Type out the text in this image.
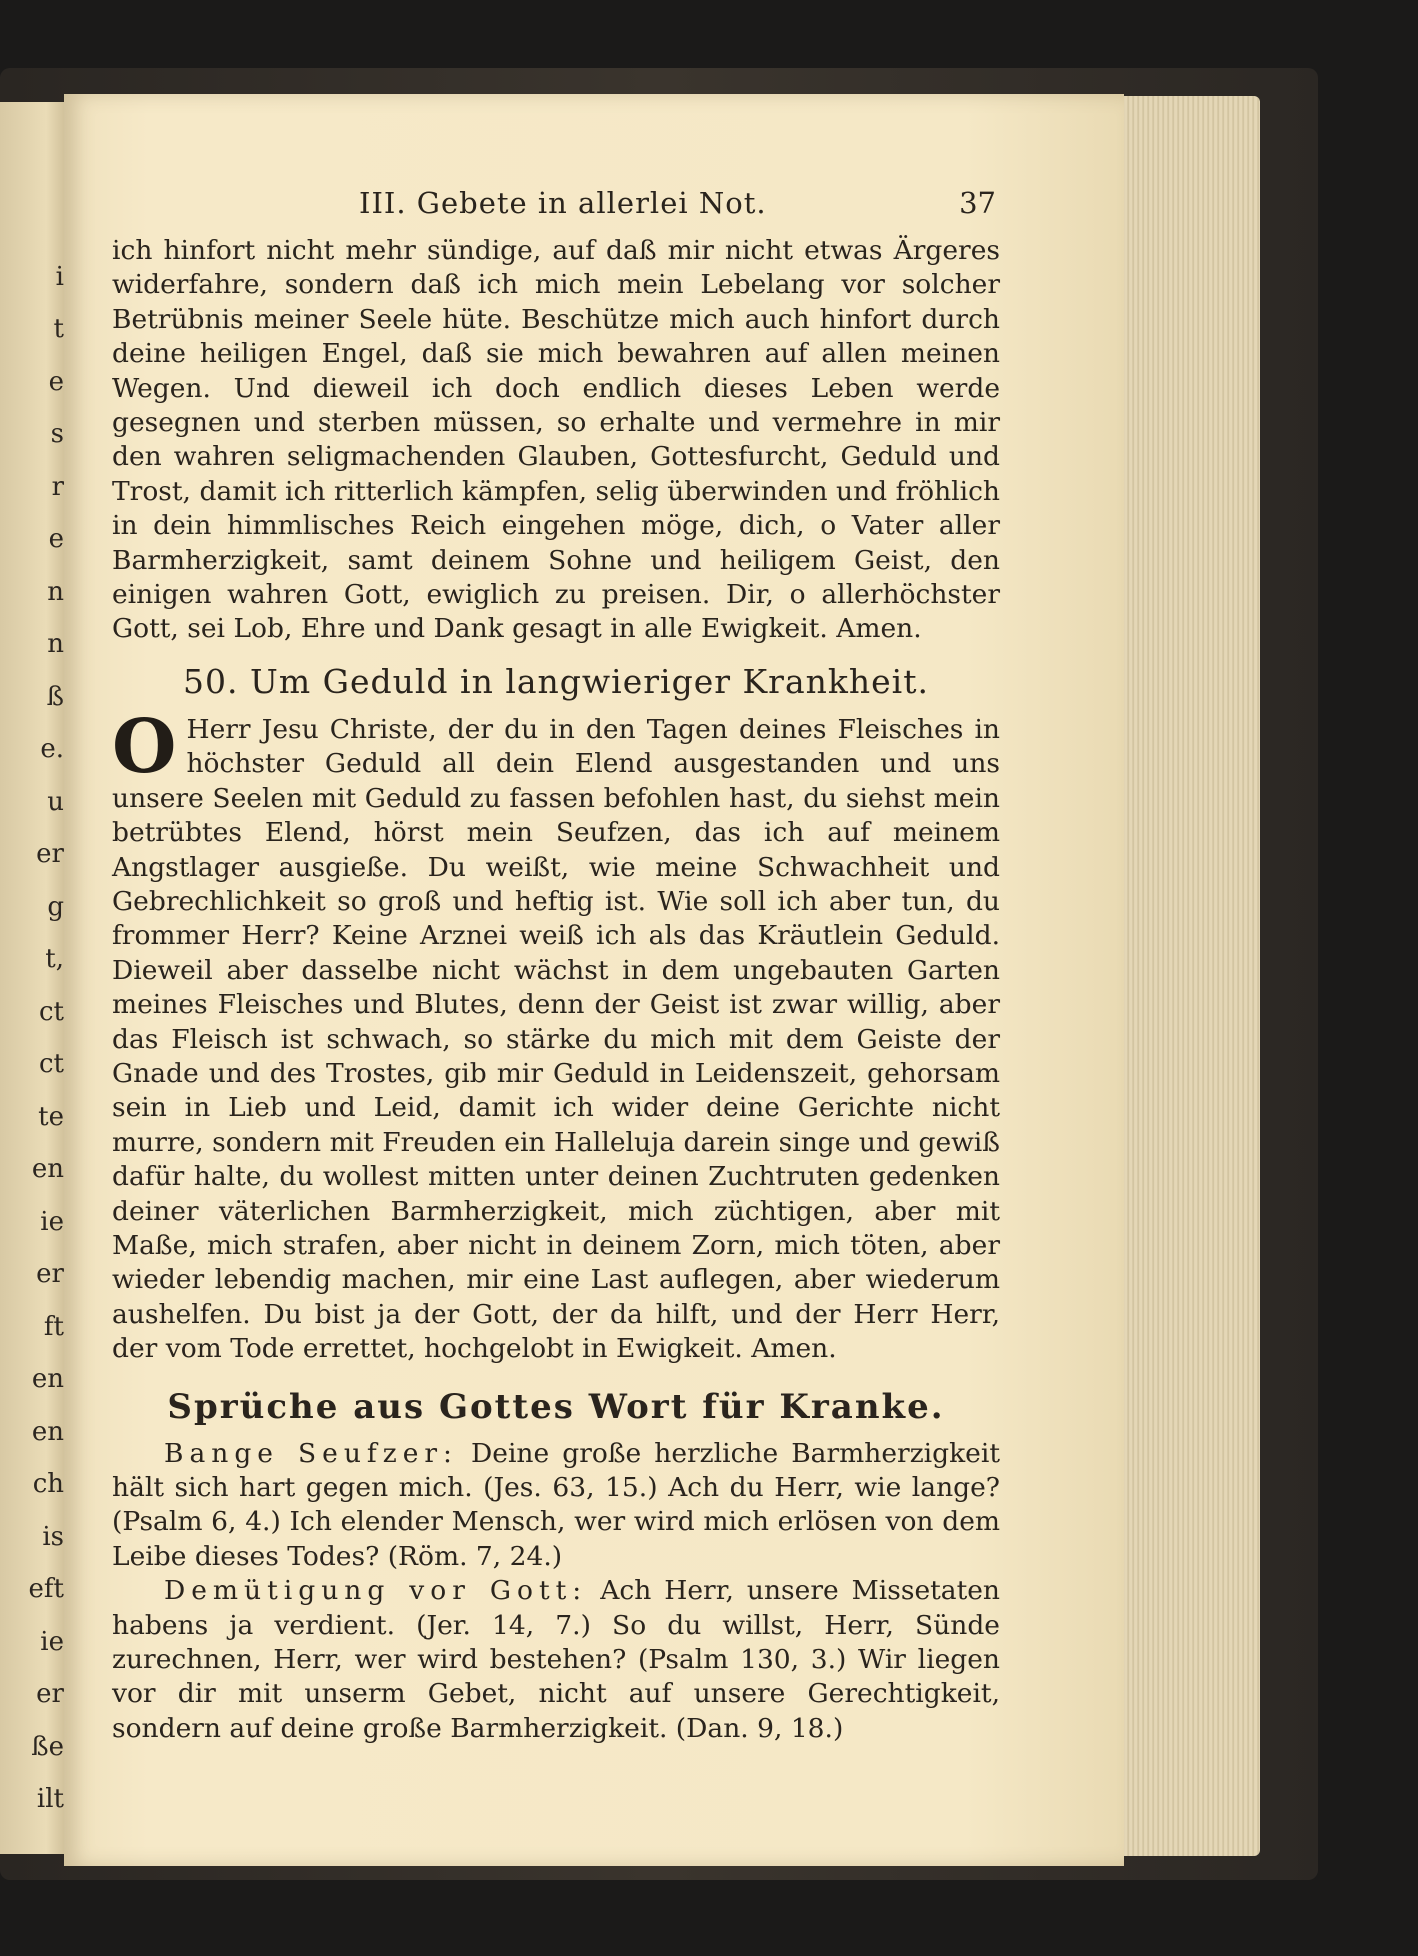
i
t
e
s
r
e
n
n
ß
e.
u
er
g
t,
ct
ct
te
en
ie
er
ft
en
en
ch
is
eft
ie
er
ße
ilt
III. Gebete in allerlei Not.	37

ich hinfort nicht mehr sündige, auf daß mir nicht etwas Ärgeres widerfahre, sondern daß ich mich mein Lebelang vor solcher Betrübnis meiner Seele hüte. Beschütze mich auch hinfort durch deine heiligen Engel, daß sie mich bewahren auf allen meinen Wegen. Und dieweil ich doch endlich dieses Leben werde gesegnen und sterben müssen, so erhalte und vermehre in mir den wahren seligmachenden Glauben, Gottesfurcht, Geduld und Trost, damit ich ritterlich kämpfen, selig überwinden und fröhlich in dein himmlisches Reich eingehen möge, dich, o Vater aller Barmherzigkeit, samt deinem Sohne und heiligem Geist, den einigen wahren Gott, ewiglich zu preisen. Dir, o allerhöchster Gott, sei Lob, Ehre und Dank gesagt in alle Ewigkeit. Amen.

50. Um Geduld in langwieriger Krankheit.

O Herr Jesu Christe, der du in den Tagen deines Fleisches in höchster Geduld all dein Elend ausgestanden und uns unsere Seelen mit Geduld zu fassen befohlen hast, du siehst mein betrübtes Elend, hörst mein Seufzen, das ich auf meinem Angstlager ausgieße. Du weißt, wie meine Schwachheit und Gebrechlichkeit so groß und heftig ist. Wie soll ich aber tun, du frommer Herr? Keine Arznei weiß ich als das Kräutlein Geduld. Dieweil aber dasselbe nicht wächst in dem ungebauten Garten meines Fleisches und Blutes, denn der Geist ist zwar willig, aber das Fleisch ist schwach, so stärke du mich mit dem Geiste der Gnade und des Trostes, gib mir Geduld in Leidenszeit, gehorsam sein in Lieb und Leid, damit ich wider deine Gerichte nicht murre, sondern mit Freuden ein Halleluja darein singe und gewiß dafür halte, du wollest mitten unter deinen Zuchtruten gedenken deiner väterlichen Barmherzigkeit, mich züchtigen, aber mit Maße, mich strafen, aber nicht in deinem Zorn, mich töten, aber wieder lebendig machen, mir eine Last auflegen, aber wiederum aushelfen. Du bist ja der Gott, der da hilft, und der Herr Herr, der vom Tode errettet, hochgelobt in Ewigkeit. Amen.

Sprüche aus Gottes Wort für Kranke.

Bange Seufzer: Deine große herzliche Barmherzigkeit hält sich hart gegen mich. (Jes. 63, 15.) Ach du Herr, wie lange? (Psalm 6, 4.) Ich elender Mensch, wer wird mich erlösen von dem Leibe dieses Todes? (Röm. 7, 24.)

Demütigung vor Gott: Ach Herr, unsere Missetaten habens ja verdient. (Jer. 14, 7.) So du willst, Herr, Sünde zurechnen, Herr, wer wird bestehen? (Psalm 130, 3.) Wir liegen vor dir mit unserm Gebet, nicht auf unsere Gerechtigkeit, sondern auf deine große Barmherzigkeit. (Dan. 9, 18.)
